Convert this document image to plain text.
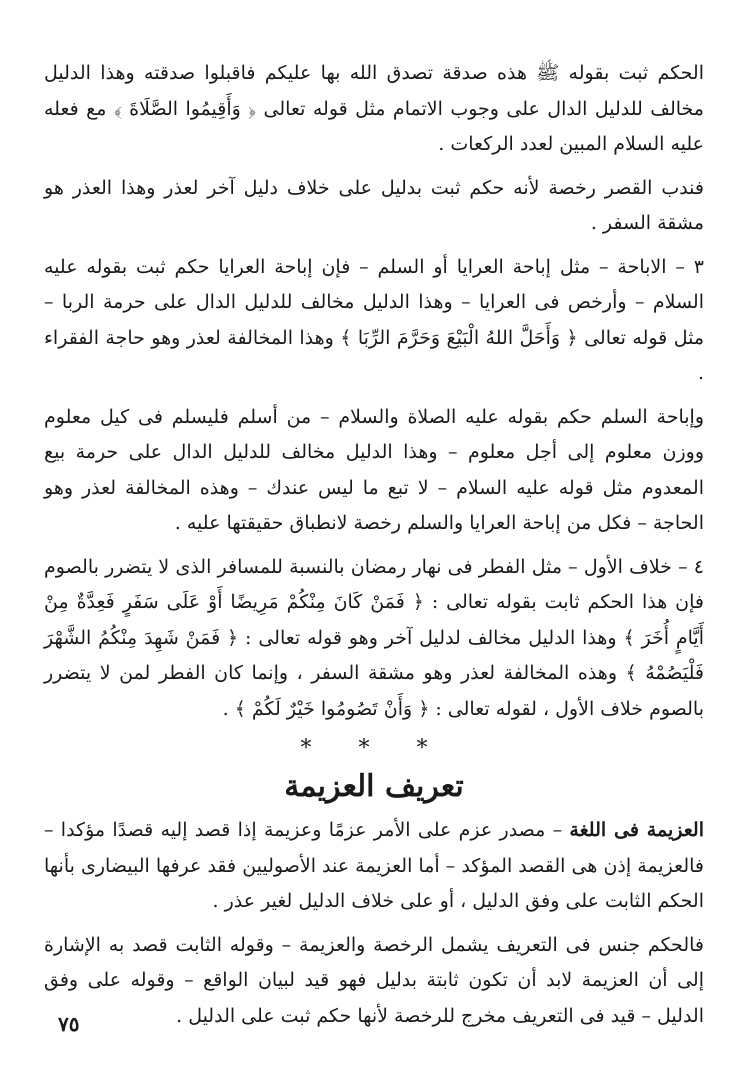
الحكم ثبت بقوله ﷺ هذه صدقة تصدق الله بها عليكم فاقبلوا صدقته وهذا الدليل مخالف للدليل الدال على وجوب الاتمام مثل قوله تعالى ﴿ وَأَقِيمُوا الصَّلَاةَ ﴾ مع فعله عليه السلام المبين لعدد الركعات .

فندب القصر رخصة لأنه حكم ثبت بدليل على خلاف دليل آخر لعذر وهذا العذر هو مشقة السفر .

٣ – الاباحة – مثل إباحة العرايا أو السلم – فإن إباحة العرايا حكم ثبت بقوله عليه السلام – وأرخص فى العرايا – وهذا الدليل مخالف للدليل الدال على حرمة الربا – مثل قوله تعالى ﴿ وَأَحَلَّ اللهُ الْبَيْعَ وَحَرَّمَ الرِّبَا ﴾ وهذا المخالفة لعذر وهو حاجة الفقراء .

وإباحة السلم حكم بقوله عليه الصلاة والسلام – من أسلم فليسلم فى كيل معلوم ووزن معلوم إلى أجل معلوم – وهذا الدليل مخالف للدليل الدال على حرمة بيع المعدوم مثل قوله عليه السلام – لا تبع ما ليس عندك – وهذه المخالفة لعذر وهو الحاجة – فكل من إباحة العرايا والسلم رخصة لانطباق حقيقتها عليه .

٤ – خلاف الأول – مثل الفطر فى نهار رمضان بالنسبة للمسافر الذى لا يتضرر بالصوم فإن هذا الحكم ثابت بقوله تعالى : ﴿ فَمَنْ كَانَ مِنْكُمْ مَرِيضًا أَوْ عَلَى سَفَرٍ فَعِدَّةٌ مِنْ أَيَّامٍ أُخَرَ ﴾ وهذا الدليل مخالف لدليل آخر وهو قوله تعالى : ﴿ فَمَنْ شَهِدَ مِنْكُمُ الشَّهْرَ فَلْيَصُمْهُ ﴾ وهذه المخالفة لعذر وهو مشقة السفر ، وإنما كان الفطر لمن لا يتضرر بالصوم خلاف الأول ، لقوله تعالى : ﴿ وَأَنْ تَصُومُوا خَيْرٌ لَكُمْ ﴾ .

* * *
تعريف العزيمة

العزيمة فى اللغة – مصدر عزم على الأمر عزمًا وعزيمة إذا قصد إليه قصدًا مؤكدا – فالعزيمة إذن هى القصد المؤكد – أما العزيمة عند الأصوليين فقد عرفها البيضارى بأنها الحكم الثابت على وفق الدليل ، أو على خلاف الدليل لغير عذر .

فالحكم جنس فى التعريف يشمل الرخصة والعزيمة – وقوله الثابت قصد به الإشارة إلى أن العزيمة لابد أن تكون ثابتة بدليل فهو قيد لبيان الواقع – وقوله على وفق الدليل – قيد فى التعريف مخرج للرخصة لأنها حكم ثبت على الدليل .

٧٥
